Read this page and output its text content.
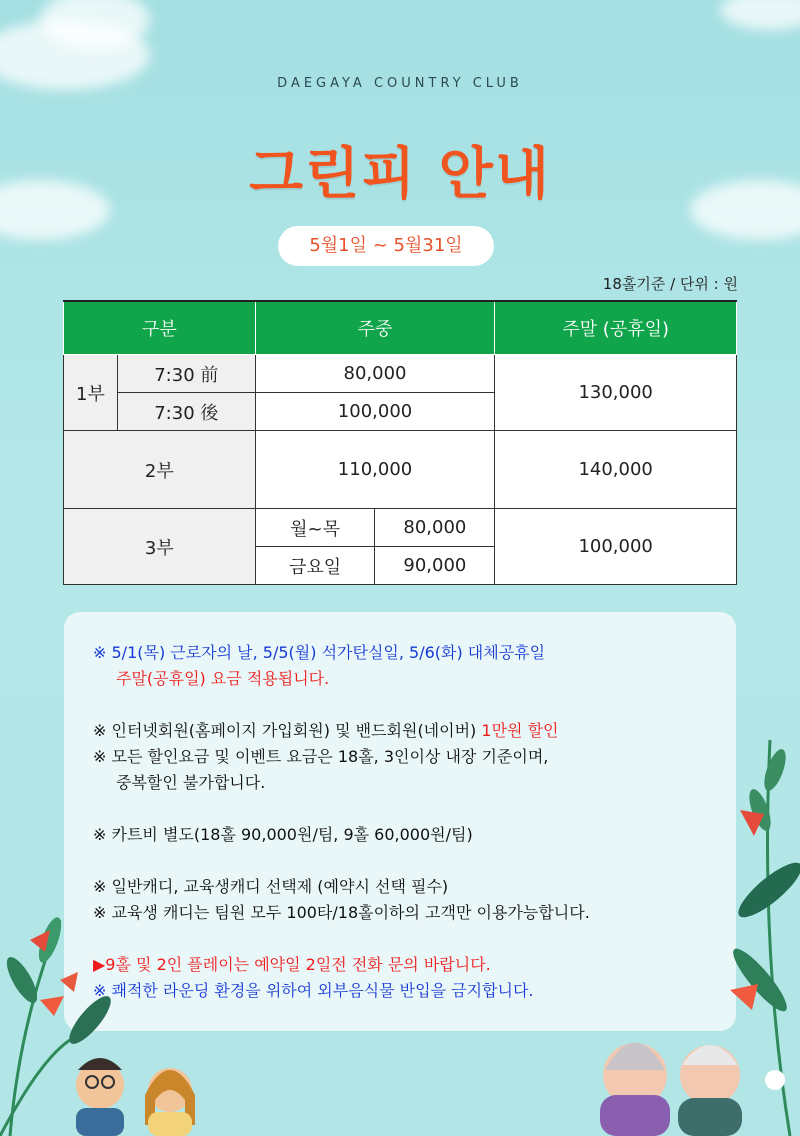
DAEGAYA COUNTRY CLUB
그린피 안내
5월1일 ~ 5월31일
18홀기준 / 단위 : 원
구분		주중		주말 (공휴일)
1부	7:30 前	80,000		130,000
	7:30 後	100,000		
2부		110,000		140,000
3부		월~목	80,000	100,000
		금요일	90,000	
※ 5/1(목) 근로자의 날, 5/5(월) 석가탄실일, 5/6(화) 대체공휴일
주말(공휴일) 요금 적용됩니다.
※ 인터넷회원(홈페이지 가입회원) 및 밴드회원(네이버) 1만원 할인
※ 모든 할인요금 및 이벤트 요금은 18홀, 3인이상 내장 기준이며,
중복할인 불가합니다.
※ 카트비 별도(18홀 90,000원/팀, 9홀 60,000원/팀)
※ 일반캐디, 교육생캐디 선택제 (예약시 선택 필수)
※ 교육생 캐디는 팀원 모두 100타/18홀이하의 고객만 이용가능합니다.
▶9홀 및 2인 플레이는 예약일 2일전 전화 문의 바랍니다.
※ 쾌적한 라운딩 환경을 위하여 외부음식물 반입을 금지합니다.
